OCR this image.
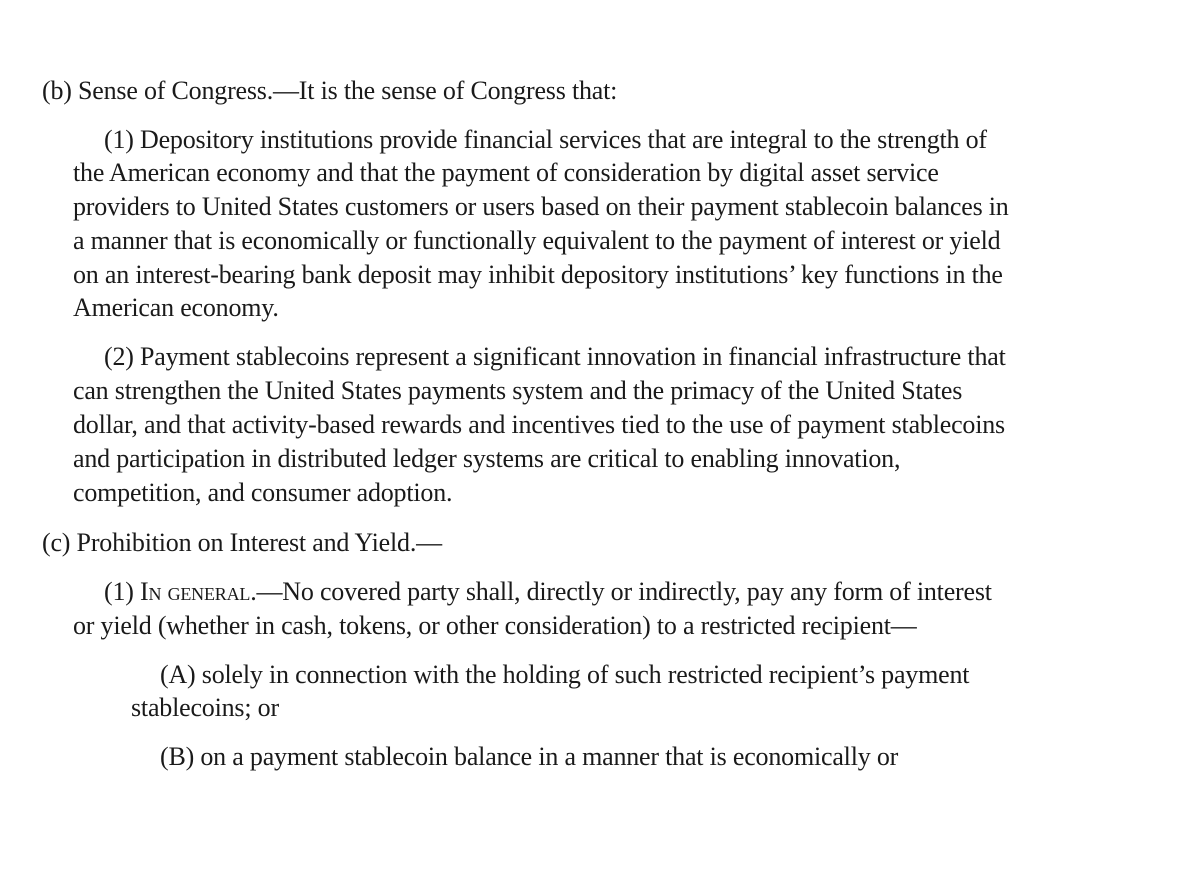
(b) Sense of Congress.—It is the sense of Congress that:
(1) Depository institutions provide financial services that are integral to the strength of
the American economy and that the payment of consideration by digital asset service
providers to United States customers or users based on their payment stablecoin balances in
a manner that is economically or functionally equivalent to the payment of interest or yield
on an interest-bearing bank deposit may inhibit depository institutions’ key functions in the
American economy.
(2) Payment stablecoins represent a significant innovation in financial infrastructure that
can strengthen the United States payments system and the primacy of the United States
dollar, and that activity-based rewards and incentives tied to the use of payment stablecoins
and participation in distributed ledger systems are critical to enabling innovation,
competition, and consumer adoption.
(c) Prohibition on Interest and Yield.—
(1) In general.—No covered party shall, directly or indirectly, pay any form of interest
or yield (whether in cash, tokens, or other consideration) to a restricted recipient—
(A) solely in connection with the holding of such restricted recipient’s payment
stablecoins; or
(B) on a payment stablecoin balance in a manner that is economically or
